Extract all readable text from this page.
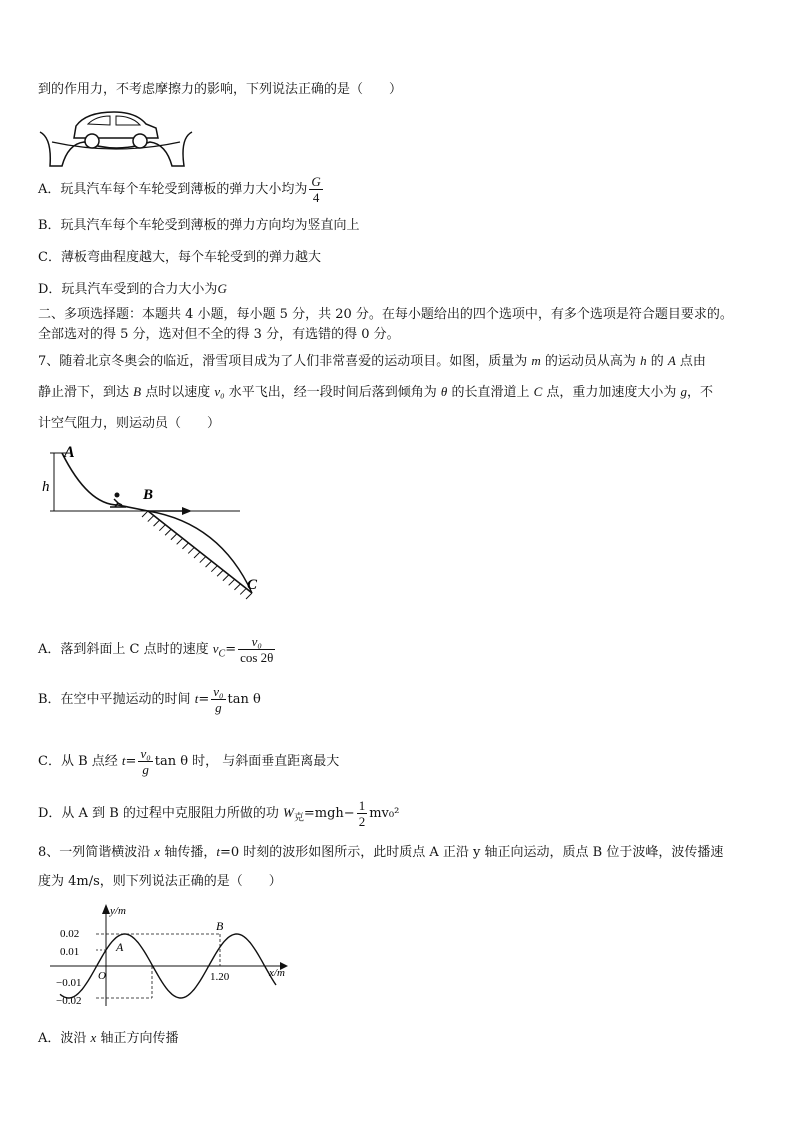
到的作用力，不考虑摩擦力的影响，下列说法正确的是（　　）
A．玩具汽车每个车轮受到薄板的弹力大小均为 $\frac{G}{4}$
B．玩具汽车每个车轮受到薄板的弹力方向均为竖直向上
C．薄板弯曲程度越大，每个车轮受到的弹力越大
D．玩具汽车受到的合力大小为G
二、多项选择题：本题共 4 小题，每小题 5 分，共 20 分。在每小题给出的四个选项中，有多个选项是符合题目要求的。
全部选对的得 5 分，选对但不全的得 3 分，有选错的得 0 分。
7、随着北京冬奥会的临近，滑雪项目成为了人们非常喜爱的运动项目。如图，质量为 m 的运动员从高为 h 的 A 点由
静止滑下，到达 B 点时以速度 v₀ 水平飞出，经一段时间后落到倾角为 θ 的长直滑道上 C 点，重力加速度大小为 g，不
计空气阻力，则运动员（　　）
h
A
B
C
A．落到斜面上 C 点时的速度 $v_C= \frac{\text{v₀}}{\cos 2\theta}$
B．在空中平抛运动的时间 $t= \frac{\text{v₀}}{g}$ tan θ
C．从 B 点经 $t= \frac{\text{v₀}}{g}$ tan θ 时， 与斜面垂直距离最大
D．从 A 到 B 的过程中克服阻力所做的功 $W_克=mgh- \frac{1}{2} mv_0^2$
8、一列简谐横波沿 x 轴传播，t=0 时刻的波形如图所示，此时质点 A 正沿 y 轴正向运动，质点 B 位于波峰，波传播速
度为 4m/s，则下列说法正确的是（　　）
y/m
x/m
O
0.02
0.01
−0.01
−0.02
A
B
1.20
A．波沿 x 轴正方向传播
